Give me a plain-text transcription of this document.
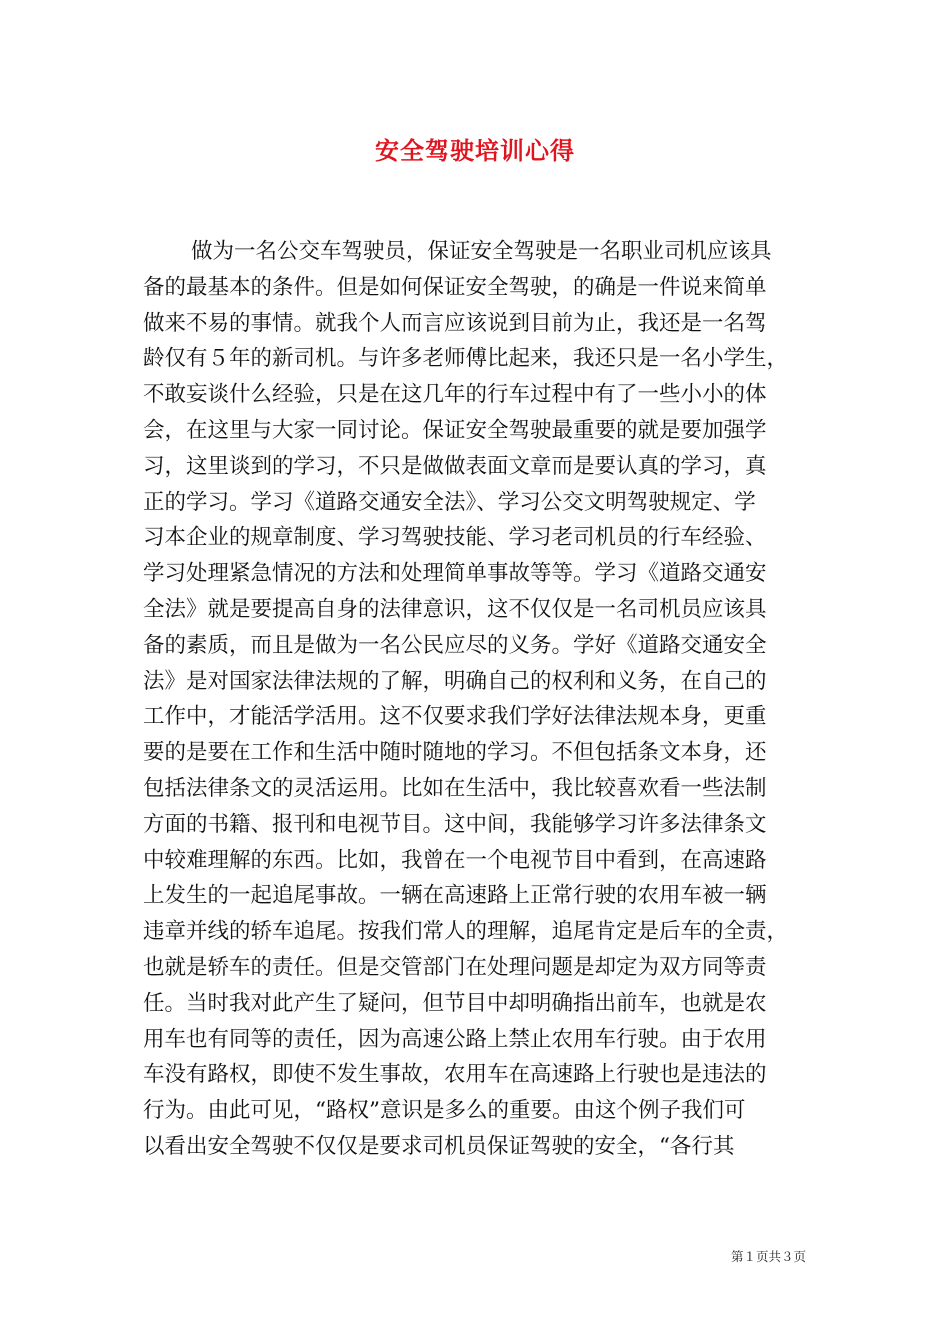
安全驾驶培训心得
做为一名公交车驾驶员，保证安全驾驶是一名职业司机应该具
备的最基本的条件。但是如何保证安全驾驶，的确是一件说来简单
做来不易的事情。就我个人而言应该说到目前为止，我还是一名驾
龄仅有５年的新司机。与许多老师傅比起来，我还只是一名小学生，
不敢妄谈什么经验，只是在这几年的行车过程中有了一些小小的体
会，在这里与大家一同讨论。保证安全驾驶最重要的就是要加强学
习，这里谈到的学习，不只是做做表面文章而是要认真的学习，真
正的学习。学习《道路交通安全法》、学习公交文明驾驶规定、学
习本企业的规章制度、学习驾驶技能、学习老司机员的行车经验、
学习处理紧急情况的方法和处理简单事故等等。学习《道路交通安
全法》就是要提高自身的法律意识，这不仅仅是一名司机员应该具
备的素质，而且是做为一名公民应尽的义务。学好《道路交通安全
法》是对国家法律法规的了解，明确自己的权利和义务，在自己的
工作中，才能活学活用。这不仅要求我们学好法律法规本身，更重
要的是要在工作和生活中随时随地的学习。不但包括条文本身，还
包括法律条文的灵活运用。比如在生活中，我比较喜欢看一些法制
方面的书籍、报刊和电视节目。这中间，我能够学习许多法律条文
中较难理解的东西。比如，我曾在一个电视节目中看到，在高速路
上发生的一起追尾事故。一辆在高速路上正常行驶的农用车被一辆
违章并线的轿车追尾。按我们常人的理解，追尾肯定是后车的全责，
也就是轿车的责任。但是交管部门在处理问题是却定为双方同等责
任。当时我对此产生了疑问，但节目中却明确指出前车，也就是农
用车也有同等的责任，因为高速公路上禁止农用车行驶。由于农用
车没有路权，即使不发生事故，农用车在高速路上行驶也是违法的
行为。由此可见，“路权”意识是多么的重要。由这个例子我们可
以看出安全驾驶不仅仅是要求司机员保证驾驶的安全，“各行其
第１页共３页
